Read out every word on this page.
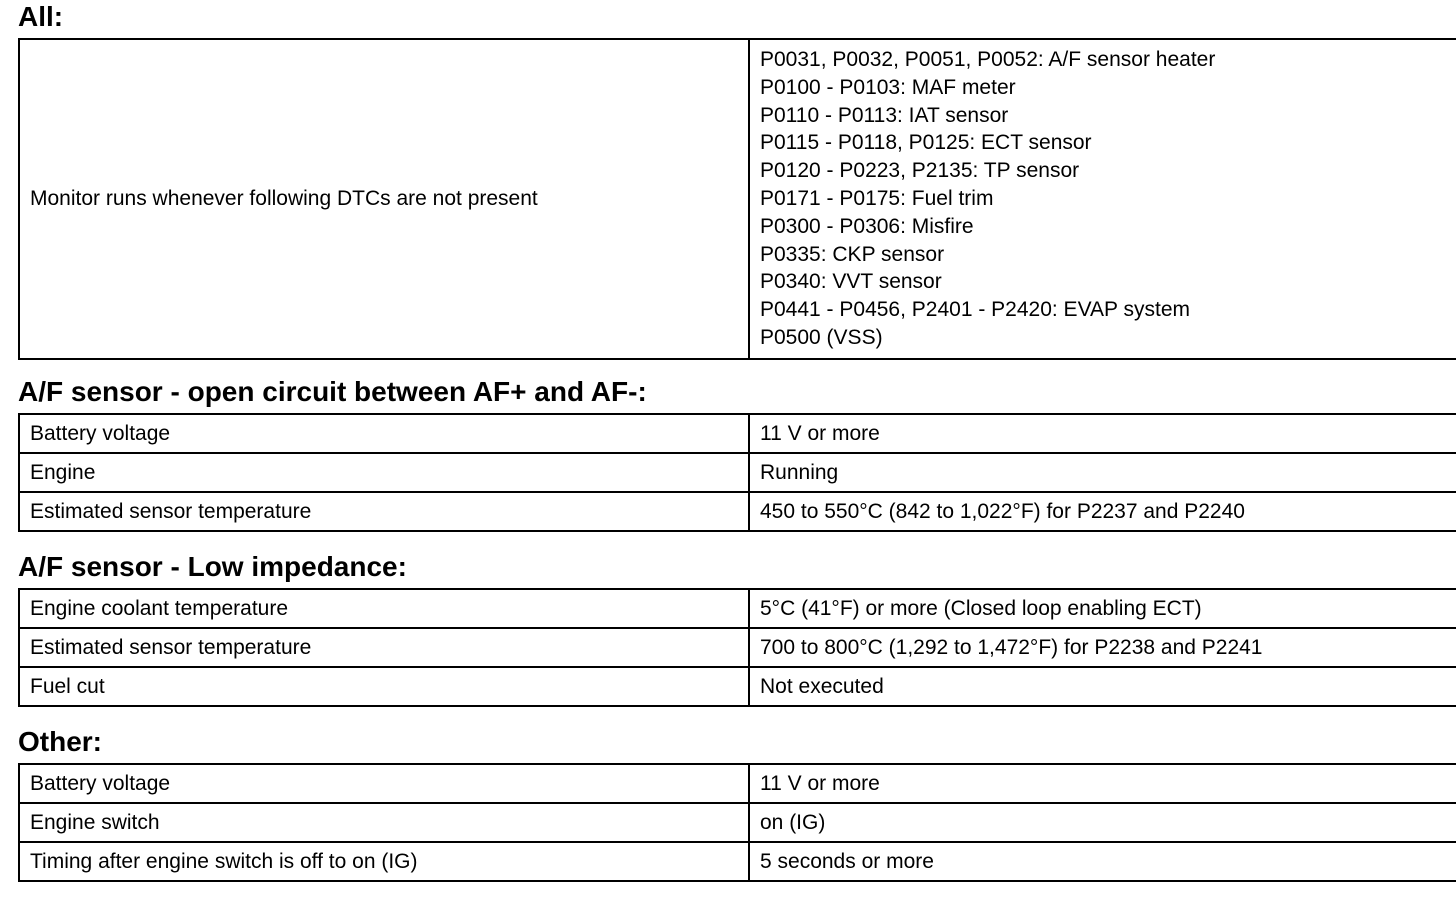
All:
Monitor runs whenever following DTCs are not present	
P0031, P0032, P0051, P0052: A/F sensor heater
P0100 - P0103: MAF meter
P0110 - P0113: IAT sensor
P0115 - P0118, P0125: ECT sensor
P0120 - P0223, P2135: TP sensor
P0171 - P0175: Fuel trim
P0300 - P0306: Misfire
P0335: CKP sensor
P0340: VVT sensor
P0441 - P0456, P2401 - P2420: EVAP system
P0500 (VSS)
A/F sensor - open circuit between AF+ and AF-:
Battery voltage	11 V or more
Engine	Running
Estimated sensor temperature	450 to 550°C (842 to 1,022°F) for P2237 and P2240
A/F sensor - Low impedance:
Engine coolant temperature	5°C (41°F) or more (Closed loop enabling ECT)
Estimated sensor temperature	700 to 800°C (1,292 to 1,472°F) for P2238 and P2241
Fuel cut	Not executed
Other:
Battery voltage	11 V or more
Engine switch	on (IG)
Timing after engine switch is off to on (IG)	5 seconds or more
